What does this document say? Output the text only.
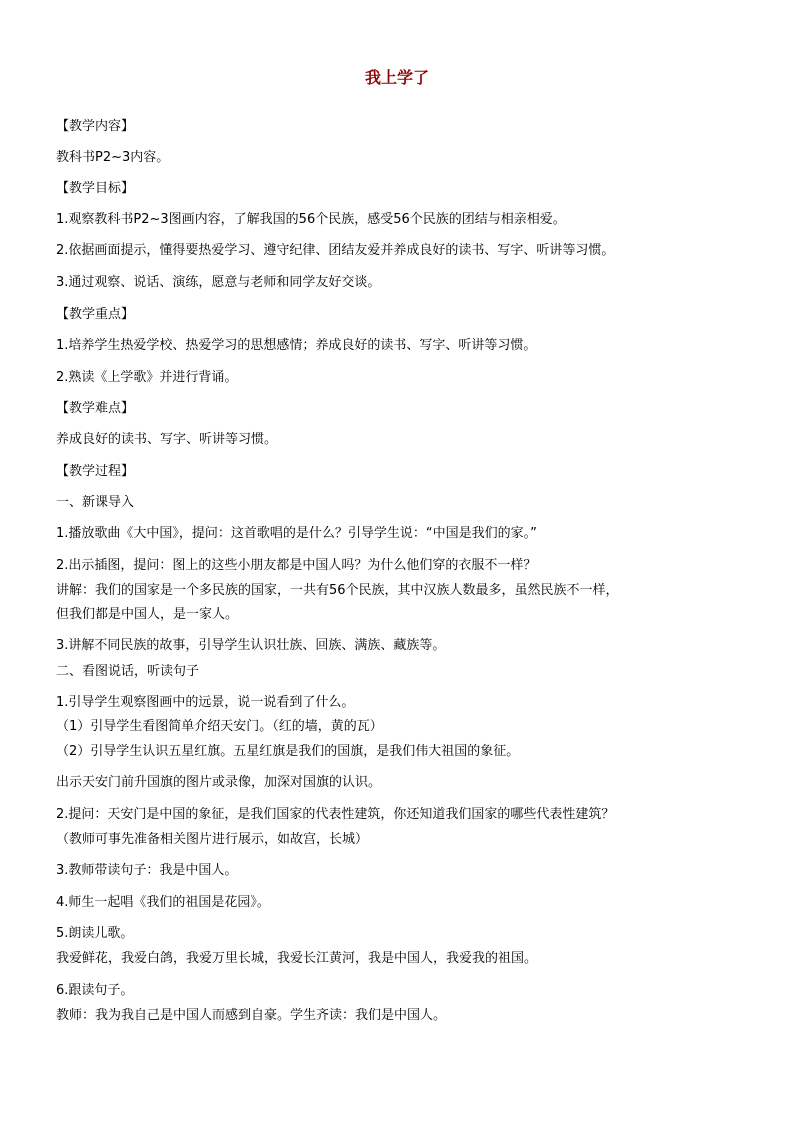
我上学了
【教学内容】
教科书P2~3内容。
【教学目标】
1.观察教科书P2~3图画内容，了解我国的56个民族，感受56个民族的团结与相亲相爱。
2.依据画面提示，懂得要热爱学习、遵守纪律、团结友爱并养成良好的读书、写字、听讲等习惯。
3.通过观察、说话、演练，愿意与老师和同学友好交谈。
【教学重点】
1.培养学生热爱学校、热爱学习的思想感情；养成良好的读书、写字、听讲等习惯。
2.熟读《上学歌》并进行背诵。
【教学难点】
养成良好的读书、写字、听讲等习惯。
【教学过程】
一、新课导入
1.播放歌曲《大中国》，提问：这首歌唱的是什么？引导学生说：“中国是我们的家。”
2.出示插图，提问：图上的这些小朋友都是中国人吗？为什么他们穿的衣服不一样？
讲解：我们的国家是一个多民族的国家，一共有56个民族，其中汉族人数最多，虽然民族不一样，
但我们都是中国人，是一家人。
3.讲解不同民族的故事，引导学生认识壮族、回族、满族、藏族等。
二、看图说话，听读句子
1.引导学生观察图画中的远景，说一说看到了什么。
（1）引导学生看图简单介绍天安门。（红的墙，黄的瓦）
（2）引导学生认识五星红旗。五星红旗是我们的国旗，是我们伟大祖国的象征。
出示天安门前升国旗的图片或录像，加深对国旗的认识。
2.提问：天安门是中国的象征，是我们国家的代表性建筑，你还知道我们国家的哪些代表性建筑？
（教师可事先准备相关图片进行展示，如故宫，长城）
3.教师带读句子：我是中国人。
4.师生一起唱《我们的祖国是花园》。
5.朗读儿歌。
我爱鲜花，我爱白鸽，我爱万里长城，我爱长江黄河，我是中国人，我爱我的祖国。
6.跟读句子。
教师：我为我自己是中国人而感到自豪。学生齐读：我们是中国人。
